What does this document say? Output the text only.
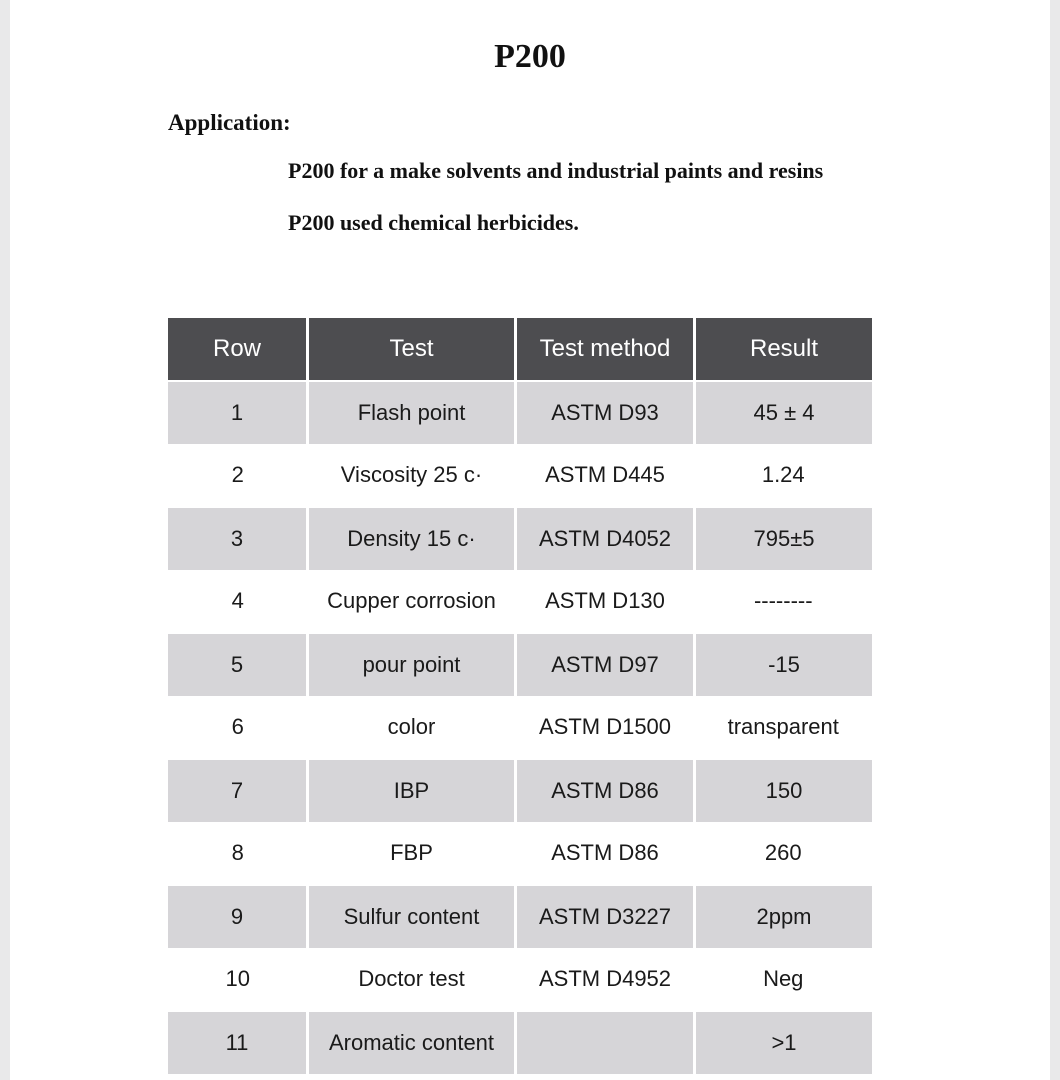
P200
Application:
P200 for a make solvents and industrial paints and resins
P200 used chemical herbicides.
Row	Test	Test method	Result
1	Flash point	ASTM D93	45 ± 4
2	Viscosity 25 c·	ASTM D445	1.24
3	Density 15 c·	ASTM D4052	795±5
4	Cupper corrosion	ASTM D130	--------
5	pour point	ASTM D97	-15
6	color	ASTM D1500	transparent
7	IBP	ASTM D86	150
8	FBP	ASTM D86	260
9	Sulfur content	ASTM D3227	2ppm
10	Doctor test	ASTM D4952	Neg
11	Aromatic content		>1
